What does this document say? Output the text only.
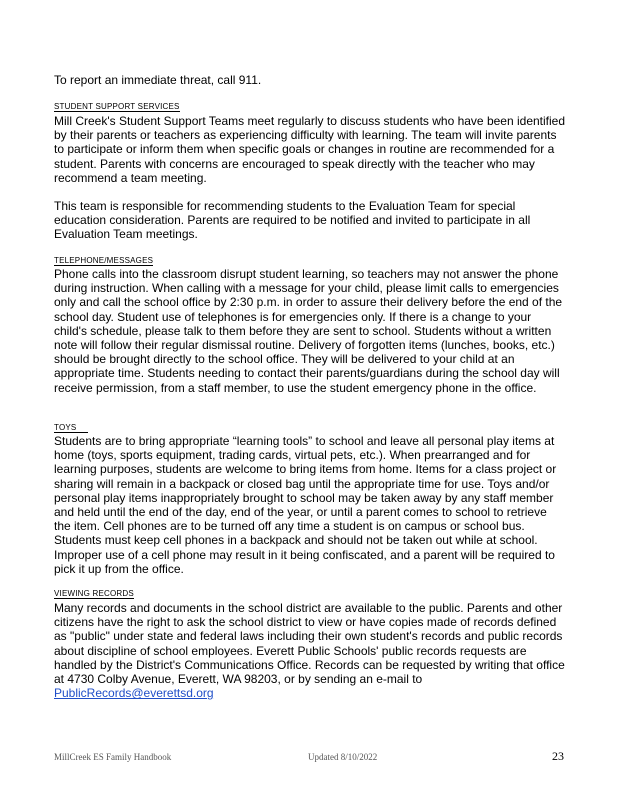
To report an immediate threat, call 911.
STUDENT SUPPORT SERVICES
Mill Creek's Student Support Teams meet regularly to discuss students who have been identified by their parents or teachers as experiencing difficulty with learning. The team will invite parents to participate or inform them when specific goals or changes in routine are recommended for a student. Parents with concerns are encouraged to speak directly with the teacher who may recommend a team meeting.
This team is responsible for recommending students to the Evaluation Team for special education consideration. Parents are required to be notified and invited to participate in all Evaluation Team meetings.
TELEPHONE/MESSAGES
Phone calls into the classroom disrupt student learning, so teachers may not answer the phone during instruction. When calling with a message for your child, please limit calls to emergencies only and call the school office by 2:30 p.m. in order to assure their delivery before the end of the school day. Student use of telephones is for emergencies only. If there is a change to your child's schedule, please talk to them before they are sent to school. Students without a written note will follow their regular dismissal routine. Delivery of forgotten items (lunches, books, etc.) should be brought directly to the school office. They will be delivered to your child at an appropriate time. Students needing to contact their parents/guardians during the school day will receive permission, from a staff member, to use the student emergency phone in the office.
TOYS
Students are to bring appropriate “learning tools” to school and leave all personal play items at home (toys, sports equipment, trading cards, virtual pets, etc.). When prearranged and for learning purposes, students are welcome to bring items from home. Items for a class project or sharing will remain in a backpack or closed bag until the appropriate time for use. Toys and/or personal play items inappropriately brought to school may be taken away by any staff member and held until the end of the day, end of the year, or until a parent comes to school to retrieve the item. Cell phones are to be turned off any time a student is on campus or school bus. Students must keep cell phones in a backpack and should not be taken out while at school. Improper use of a cell phone may result in it being confiscated, and a parent will be required to pick it up from the office.
VIEWING RECORDS
Many records and documents in the school district are available to the public. Parents and other citizens have the right to ask the school district to view or have copies made of records defined as "public" under state and federal laws including their own student's records and public records about discipline of school employees. Everett Public Schools' public records requests are handled by the District's Communications Office. Records can be requested by writing that office at 4730 Colby Avenue, Everett, WA 98203, or by sending an e-mail to PublicRecords@everettsd.org
MillCreek ES Family Handbook	Updated 8/10/2022	23
